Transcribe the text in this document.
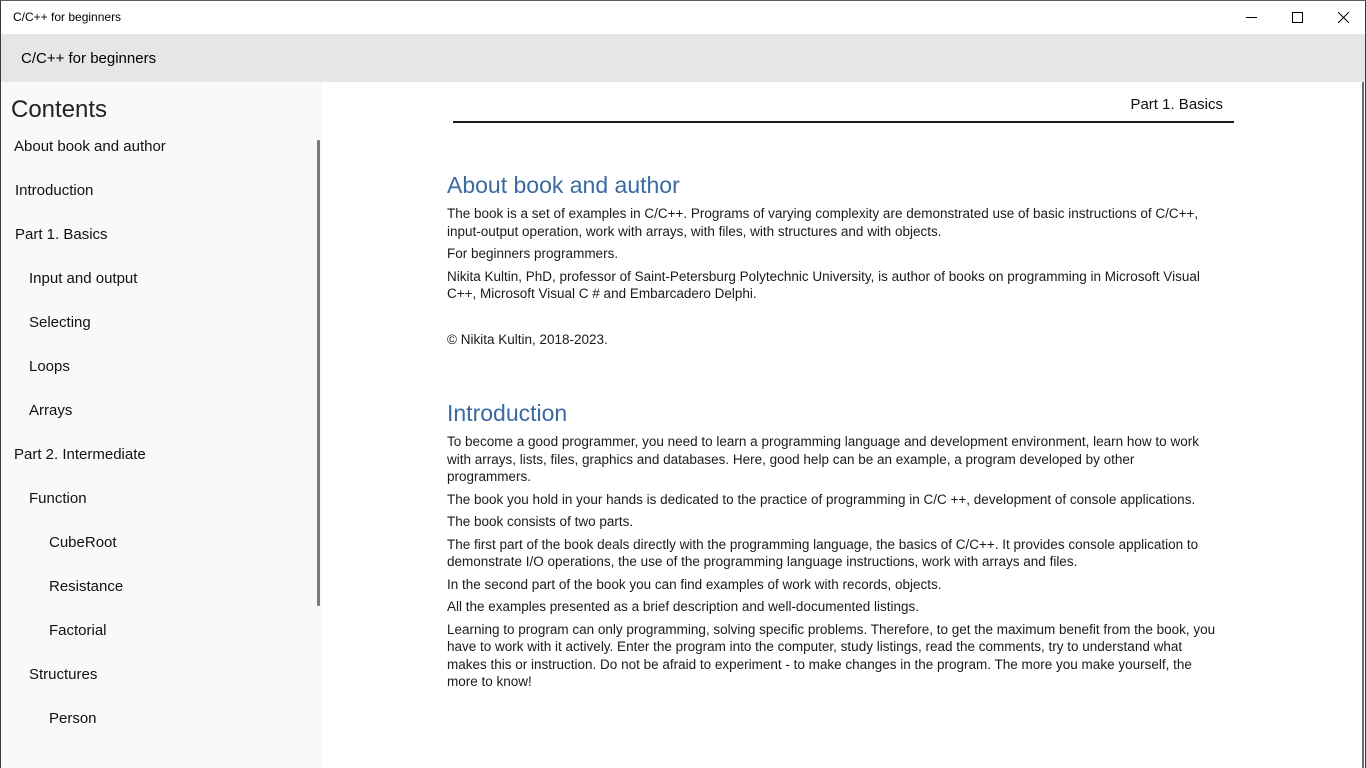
C/C++ for beginners
C/C++ for beginners
Contents
About book and author
Introduction
Part 1. Basics
Input and output
Selecting
Loops
Arrays
Part 2. Intermediate
Function
CubeRoot
Resistance
Factorial
Structures
Person
Part 1. Basics
About book and author

The book is a set of examples in C/C++. Programs of varying complexity are demonstrated use of basic instructions of C/C++, input-output operation, work with arrays, with files, with structures and with objects.

For beginners programmers.

Nikita Kultin, PhD, professor of Saint-Petersburg Polytechnic University, is author of books on programming in Microsoft Visual C++, Microsoft Visual C # and Embarcadero Delphi.

© Nikita Kultin, 2018-2023.

Introduction

To become a good programmer, you need to learn a programming language and development environment, learn how to work with arrays, lists, files, graphics and databases. Here, good help can be an example, a program developed by other programmers.

The book you hold in your hands is dedicated to the practice of programming in C/C ++, development of console applications.

The book consists of two parts.

The first part of the book deals directly with the programming language, the basics of C/C++. It provides console application to demonstrate I/O operations, the use of the programming language instructions, work with arrays and files.

In the second part of the book you can find examples of work with records, objects.

All the examples presented as a brief description and well-documented listings.

Learning to program can only programming, solving specific problems. Therefore, to get the maximum benefit from the book, you have to work with it actively. Enter the program into the computer, study listings, read the comments, try to understand what makes this or instruction. Do not be afraid to experiment - to make changes in the program. The more you make yourself, the more to know!
